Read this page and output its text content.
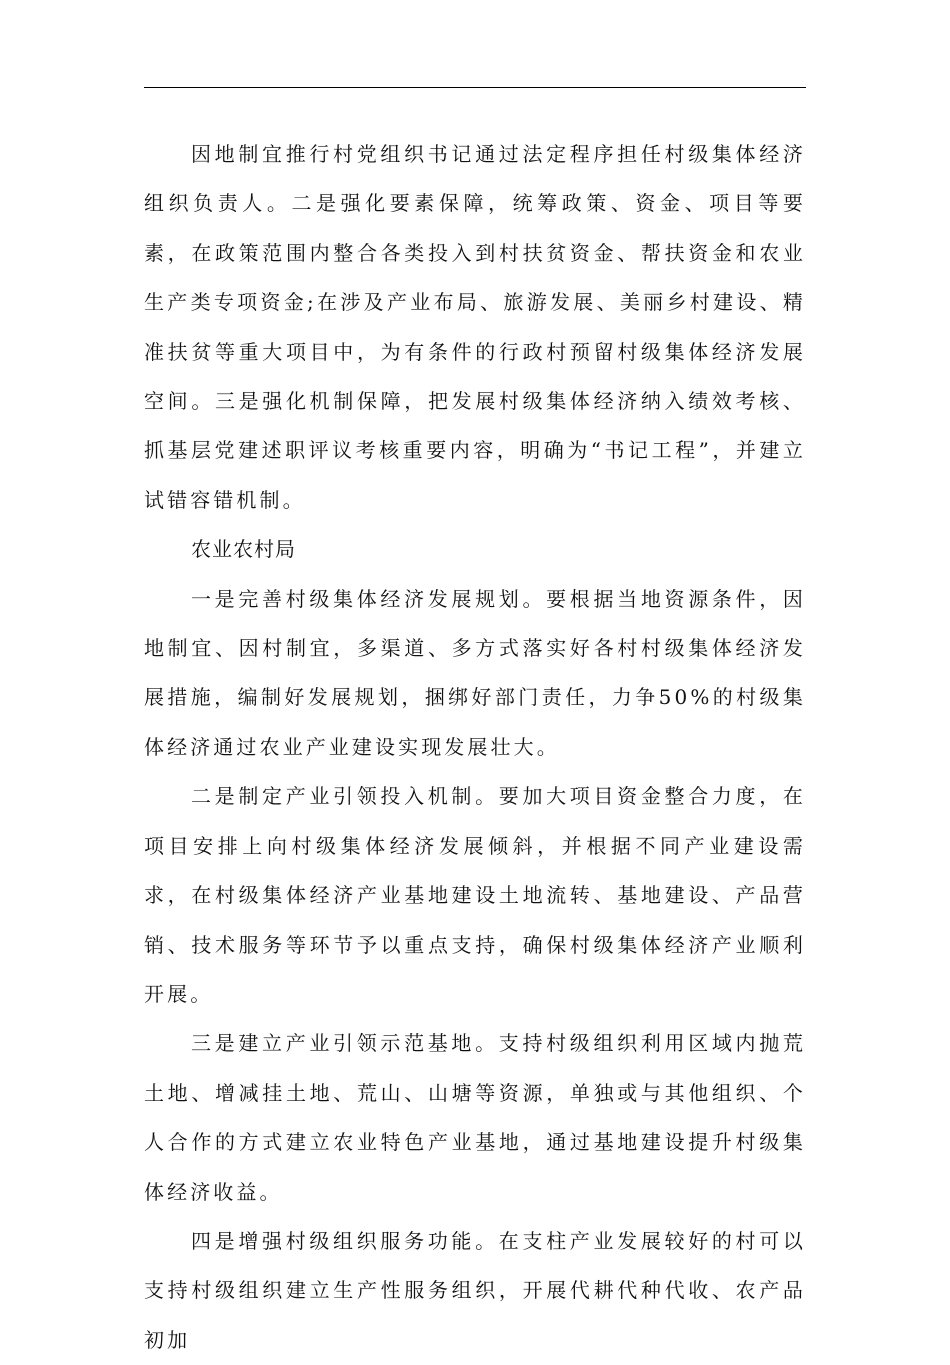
因地制宜推行村党组织书记通过法定程序担任村级集体经济组织负责人。二是强化要素保障，统筹政策、资金、项目等要素，在政策范围内整合各类投入到村扶贫资金、帮扶资金和农业生产类专项资金;在涉及产业布局、旅游发展、美丽乡村建设、精准扶贫等重大项目中，为有条件的行政村预留村级集体经济发展空间。三是强化机制保障，把发展村级集体经济纳入绩效考核、抓基层党建述职评议考核重要内容，明确为“书记工程”，并建立试错容错机制。

农业农村局

一是完善村级集体经济发展规划。要根据当地资源条件，因地制宜、因村制宜，多渠道、多方式落实好各村村级集体经济发展措施，编制好发展规划，捆绑好部门责任，力争50%的村级集体经济通过农业产业建设实现发展壮大。

二是制定产业引领投入机制。要加大项目资金整合力度，在项目安排上向村级集体经济发展倾斜，并根据不同产业建设需求，在村级集体经济产业基地建设土地流转、基地建设、产品营销、技术服务等环节予以重点支持，确保村级集体经济产业顺利开展。

三是建立产业引领示范基地。支持村级组织利用区域内抛荒土地、增减挂土地、荒山、山塘等资源，单独或与其他组织、个人合作的方式建立农业特色产业基地，通过基地建设提升村级集体经济收益。

四是增强村级组织服务功能。在支柱产业发展较好的村可以支持村级组织建立生产性服务组织，开展代耕代种代收、农产品初加
